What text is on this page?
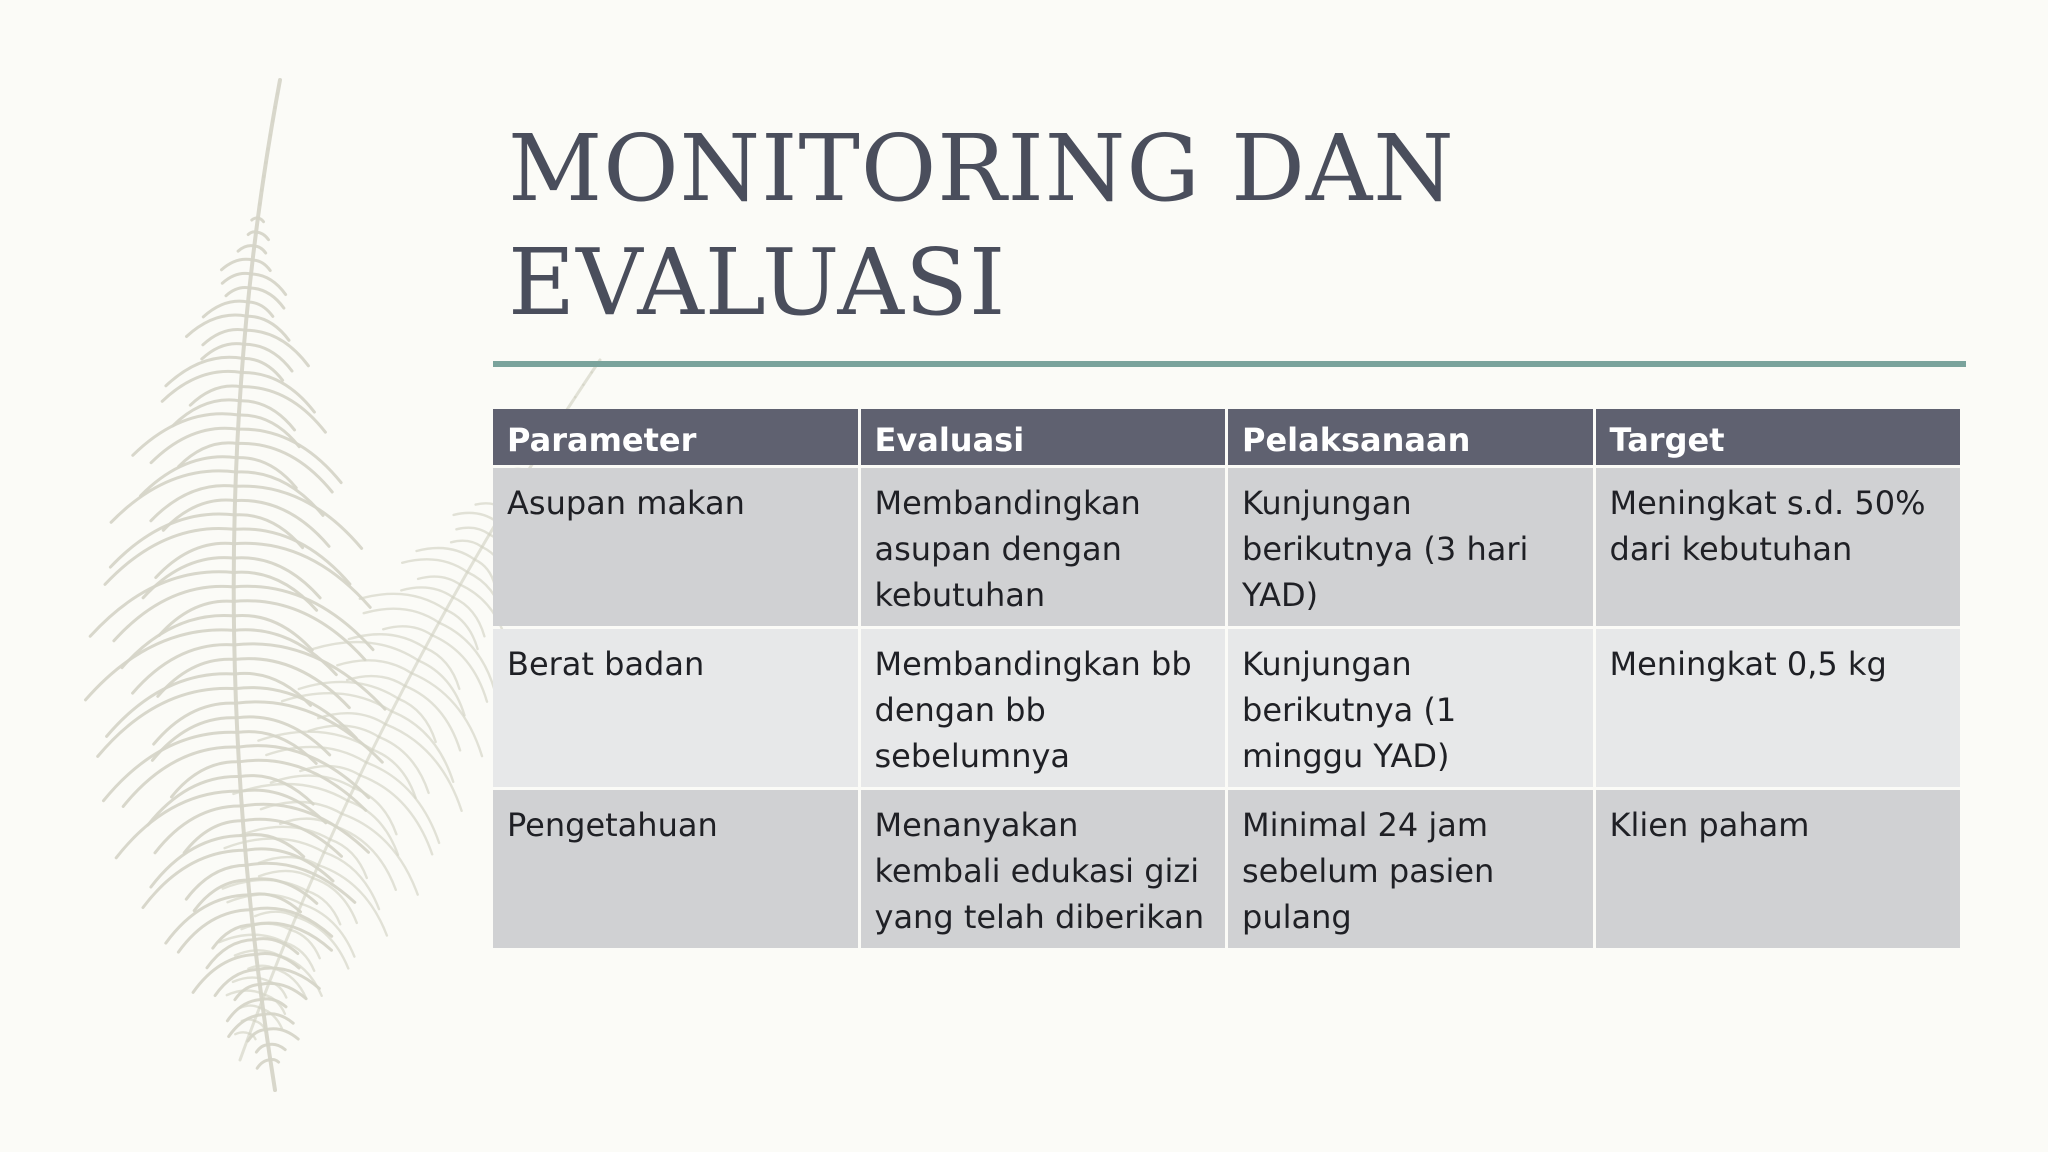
MONITORING DAN
EVALUASI
Parameter	Evaluasi	Pelaksanaan	Target
Asupan makan	Membandingkan asupan dengan kebutuhan	Kunjungan berikutnya (3 hari YAD)	Meningkat s.d. 50% dari kebutuhan
Berat badan	Membandingkan bb dengan bb sebelumnya	Kunjungan berikutnya (1 minggu YAD)	Meningkat 0,5 kg
Pengetahuan	Menanyakan kembali edukasi gizi yang telah diberikan	Minimal 24 jam sebelum pasien pulang	Klien paham
